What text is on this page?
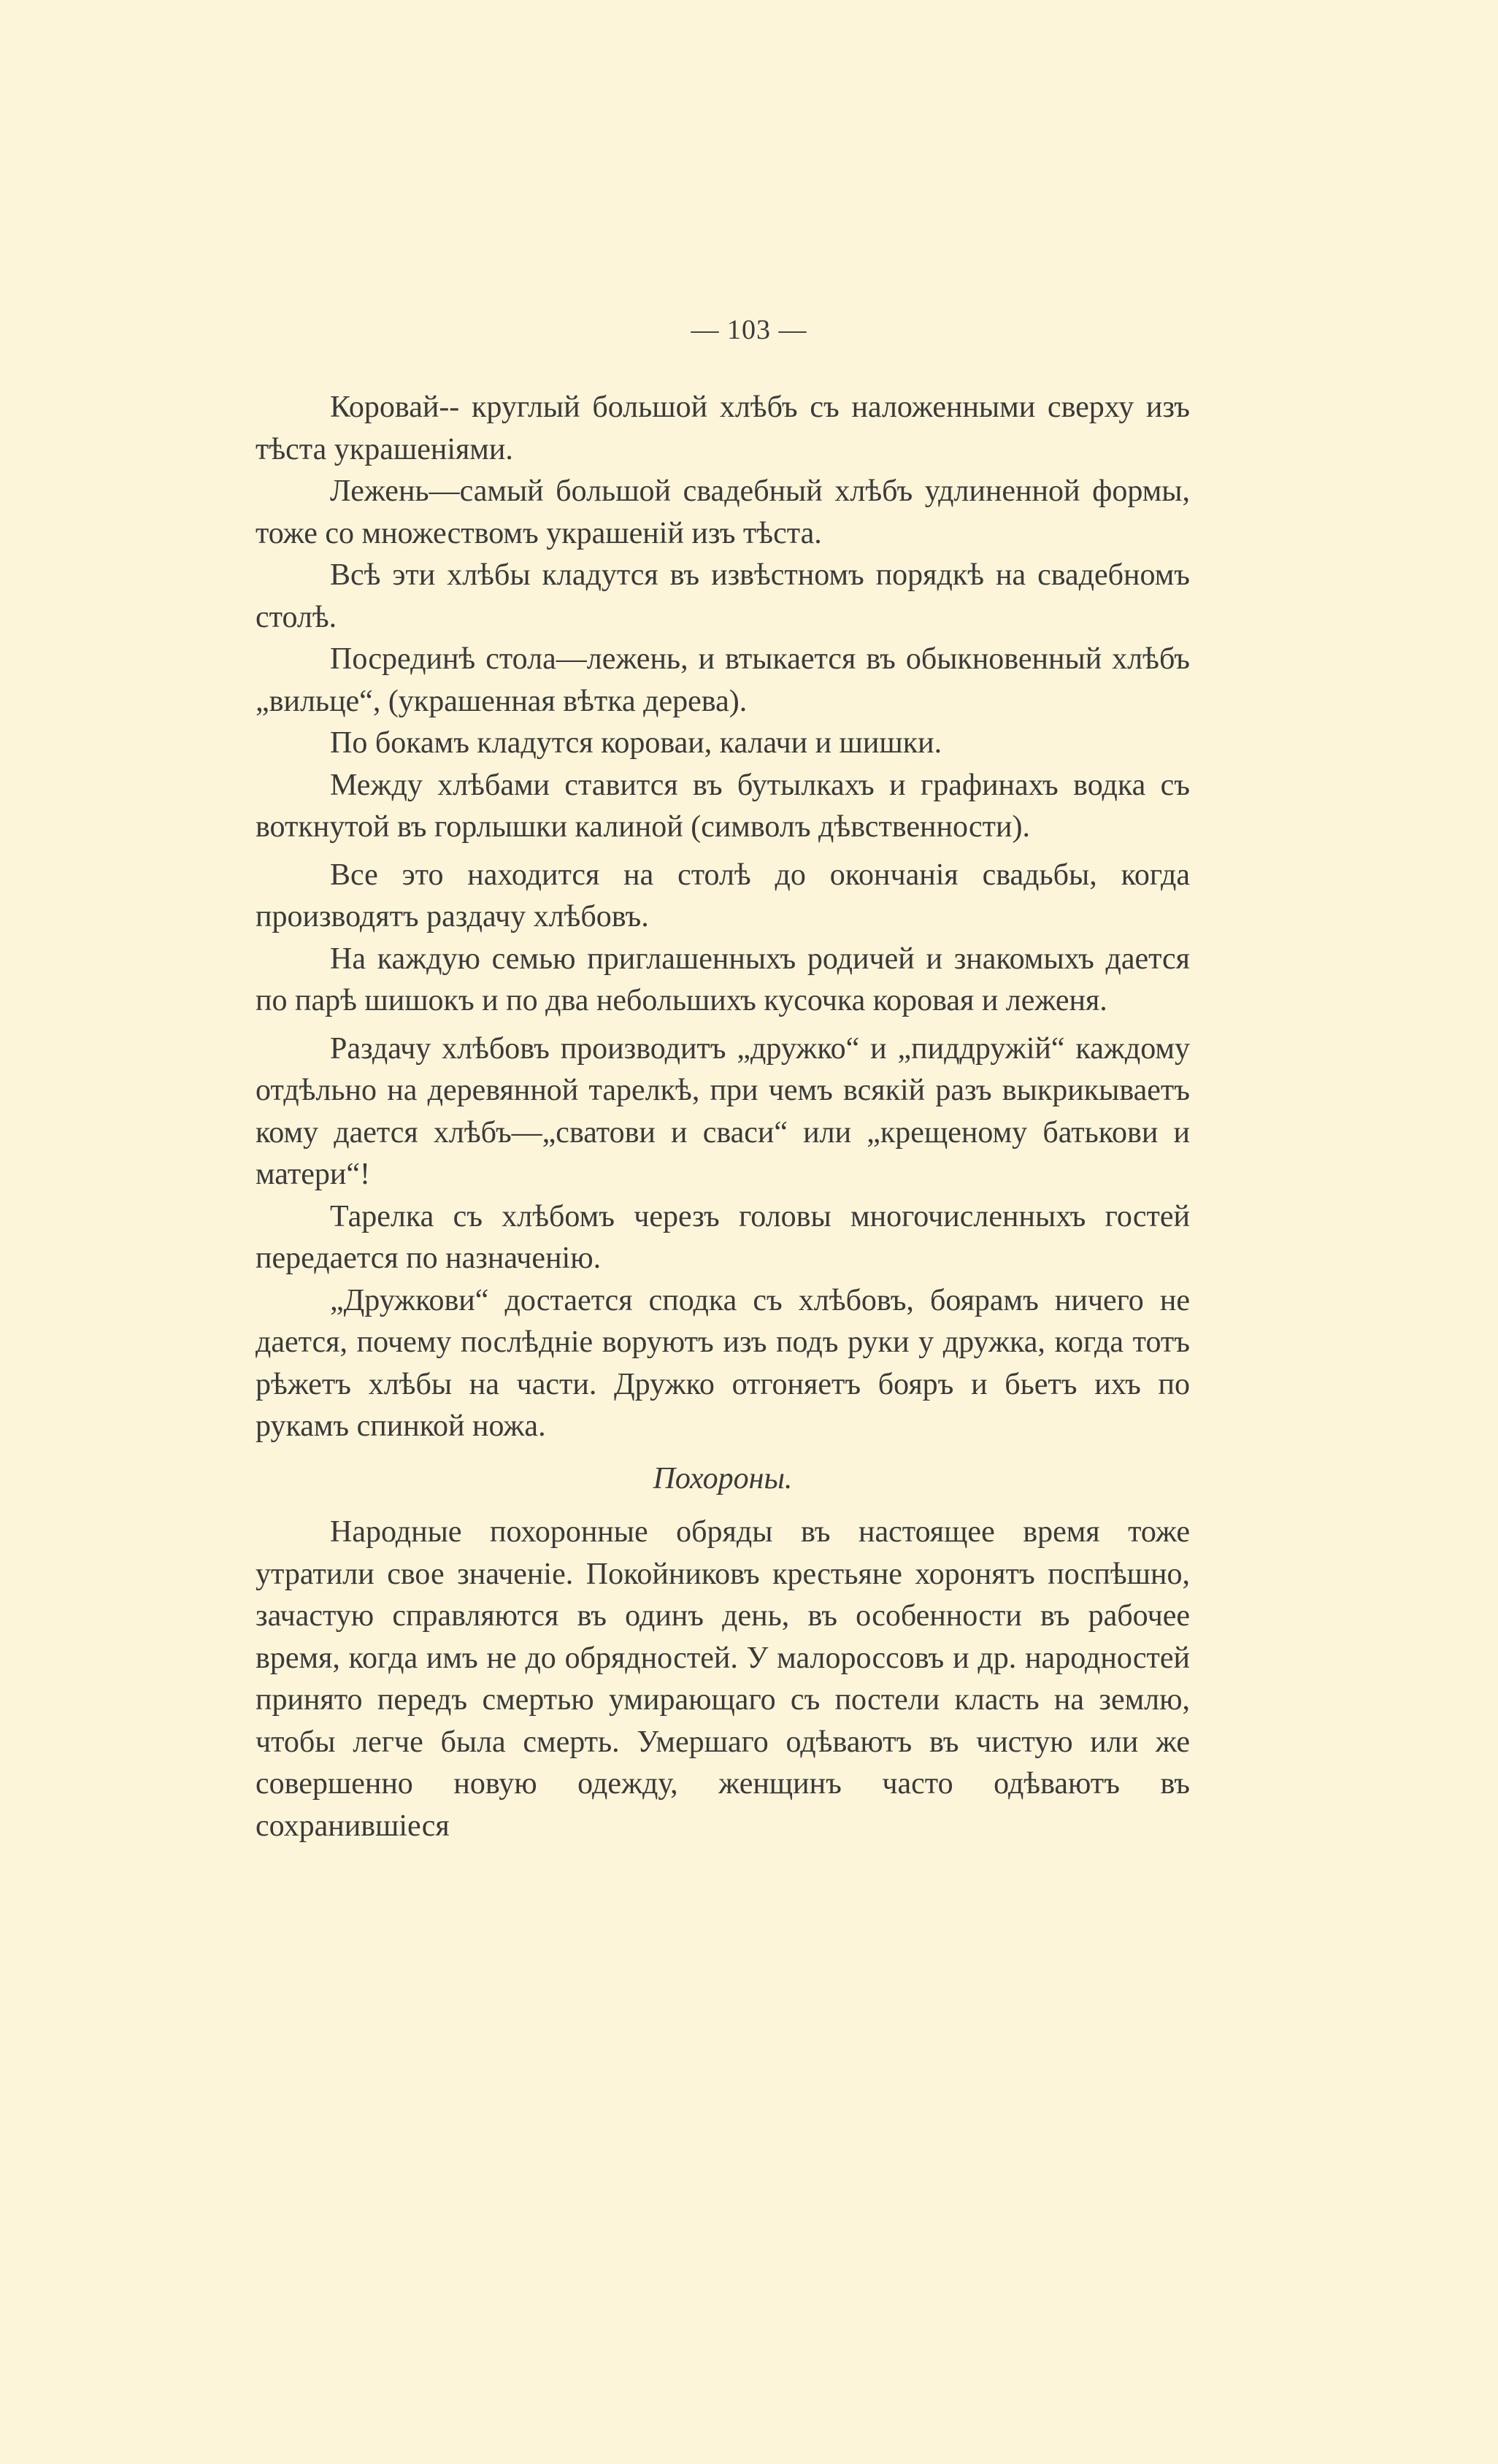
— 103 —

Коровай-- круглый большой хлѣбъ съ наложенными сверху изъ тѣста украшеніями.

Лежень—самый большой свадебный хлѣбъ удлиненной формы, тоже со множествомъ украшеній изъ тѣста.

Всѣ эти хлѣбы кладутся въ извѣстномъ порядкѣ на свадебномъ столѣ.

Посрединѣ стола—лежень, и втыкается въ обыкновенный хлѣбъ „вильце“, (украшенная вѣтка дерева).

По бокамъ кладутся короваи, калачи и шишки.

Между хлѣбами ставится въ бутылкахъ и графинахъ водка съ воткнутой въ горлышки калиной (символъ дѣвственности).

Все это находится на столѣ до окончанія свадьбы, когда производятъ раздачу хлѣбовъ.

На каждую семью приглашенныхъ родичей и знакомыхъ дается по парѣ шишокъ и по два небольшихъ кусочка коровая и леженя.

Раздачу хлѣбовъ производитъ „дружко“ и „пиддружій“ каждому отдѣльно на деревянной тарелкѣ, при чемъ всякій разъ выкрикываетъ кому дается хлѣбъ—„сватови и сваси“ или „крещеному батькови и матери“!

Тарелка съ хлѣбомъ черезъ головы многочисленныхъ гостей передается по назначенію.

„Дружкови“ достается сподка съ хлѣбовъ, боярамъ ничего не дается, почему послѣдніе воруютъ изъ подъ руки у дружка, когда тотъ рѣжетъ хлѣбы на части. Дружко отгоняетъ бояръ и бьетъ ихъ по рукамъ спинкой ножа.

Похороны.

Народные похоронные обряды въ настоящее время тоже утратили свое значеніе. Покойниковъ крестьяне хоронятъ поспѣшно, зачастую справляются въ одинъ день, въ особенности въ рабочее время, когда имъ не до обрядностей. У малороссовъ и др. народностей принято передъ смертью умирающаго съ постели класть на землю, чтобы легче была смерть. Умершаго одѣваютъ въ чистую или же совершенно новую одежду, женщинъ часто одѣваютъ въ сохранившіеся
